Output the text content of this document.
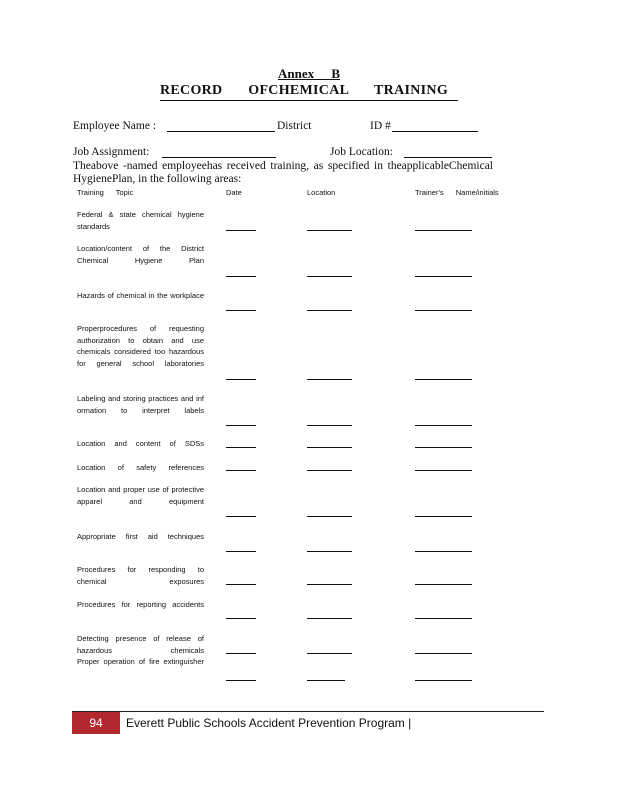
Annex B
RECORD OFCHEMICAL TRAINING
Employee Name :	District	ID #
Job Assignment:	Job Location:
Theabove -named employeehas received training, as specified in theapplicableChemical HygienePlan, in the following areas:
Training Topic	Date	Location	Trainer's Name/initials
Federal & state chemical hygiene standards
Location/content of the District Chemical Hygiene Plan
Hazards of chemical in the workplace
Properprocedures of requesting authorization to obtain and use chemicals considered too hazardous for general school laboratories
Labeling and storing practices and inf ormation to interpret labels
Location and content of SDSs
Location of safety references
Location and proper use of protective apparel and equipment
Appropriate first aid techniques
Procedures for responding to chemical exposures
Procedures for reporting accidents
Detecting presence of release of hazardous chemicals
Proper operation of fire extinguisher
94	Everett Public Schools Accident Prevention Program |
